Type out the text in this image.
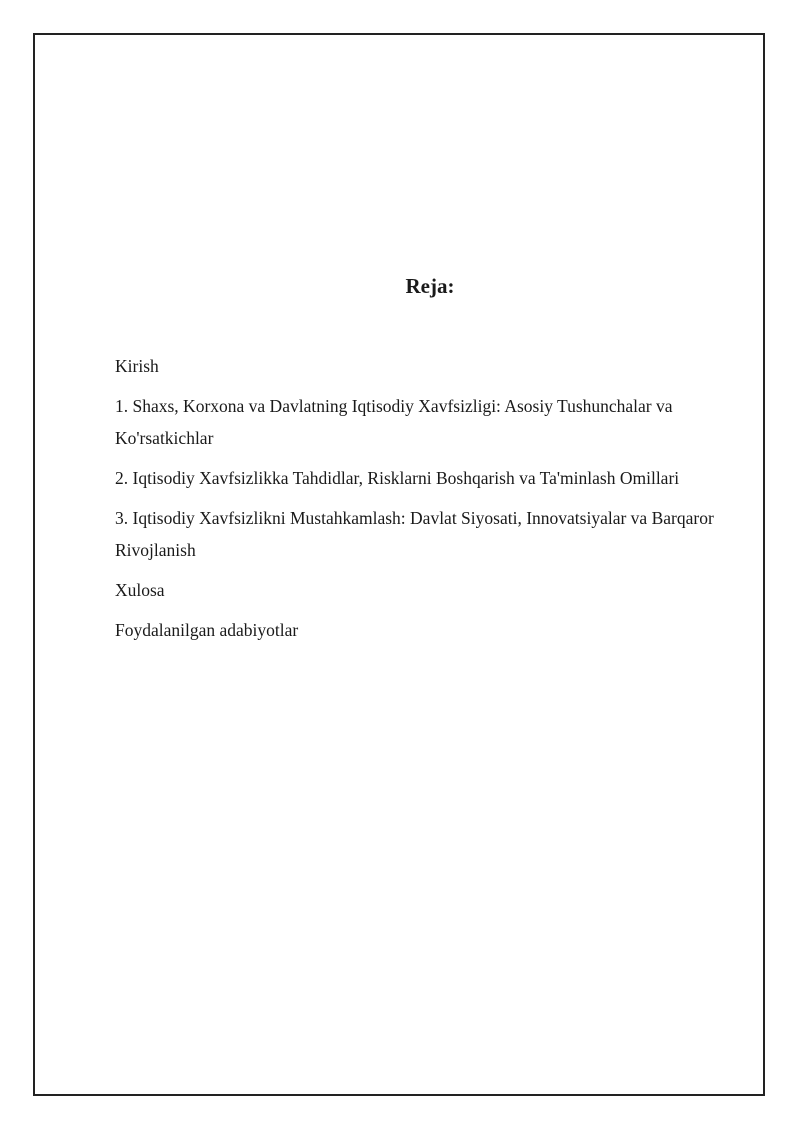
Reja:
Kirish
1. Shaxs, Korxona va Davlatning Iqtisodiy Xavfsizligi: Asosiy Tushunchalar va Ko'rsatkichlar
2. Iqtisodiy Xavfsizlikka Tahdidlar, Risklarni Boshqarish va Ta'minlash Omillari
3. Iqtisodiy Xavfsizlikni Mustahkamlash: Davlat Siyosati, Innovatsiyalar va Barqaror Rivojlanish
Xulosa
Foydalanilgan adabiyotlar
